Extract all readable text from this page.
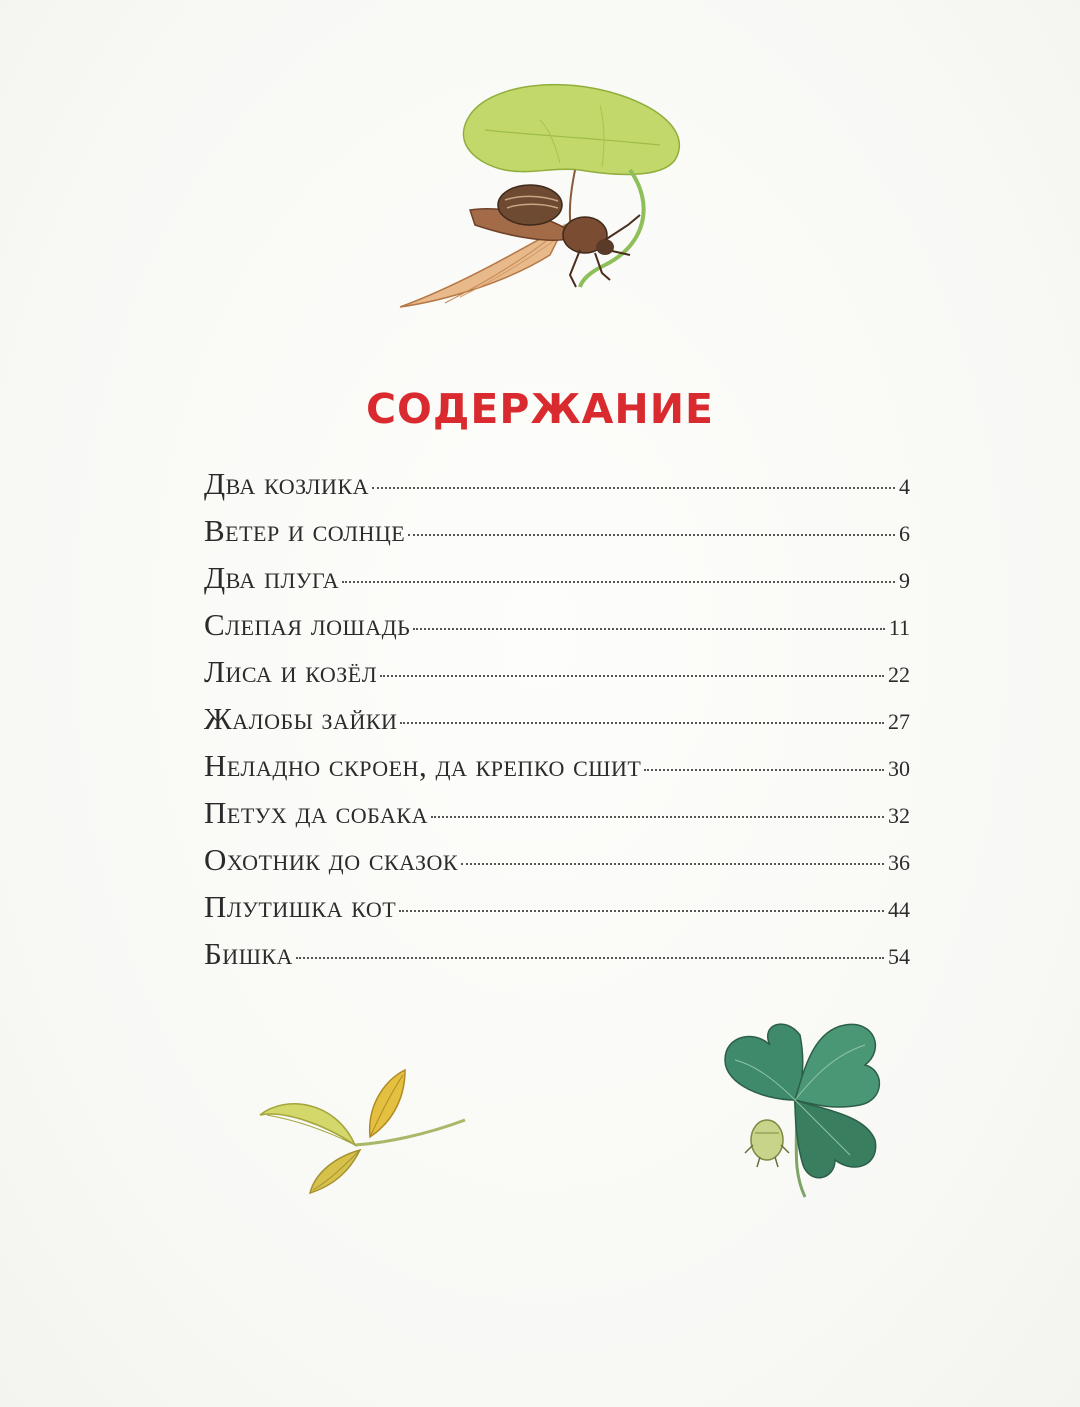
СОДЕРЖАНИЕ
Два козлика	4
Ветер и солнце	6
Два плуга	9
Слепая лошадь	11
Лиса и козёл	22
Жалобы зайки	27
Неладно скроен, да крепко сшит	30
Петух да собака	32
Охотник до сказок	36
Плутишка кот	44
Бишка	54
